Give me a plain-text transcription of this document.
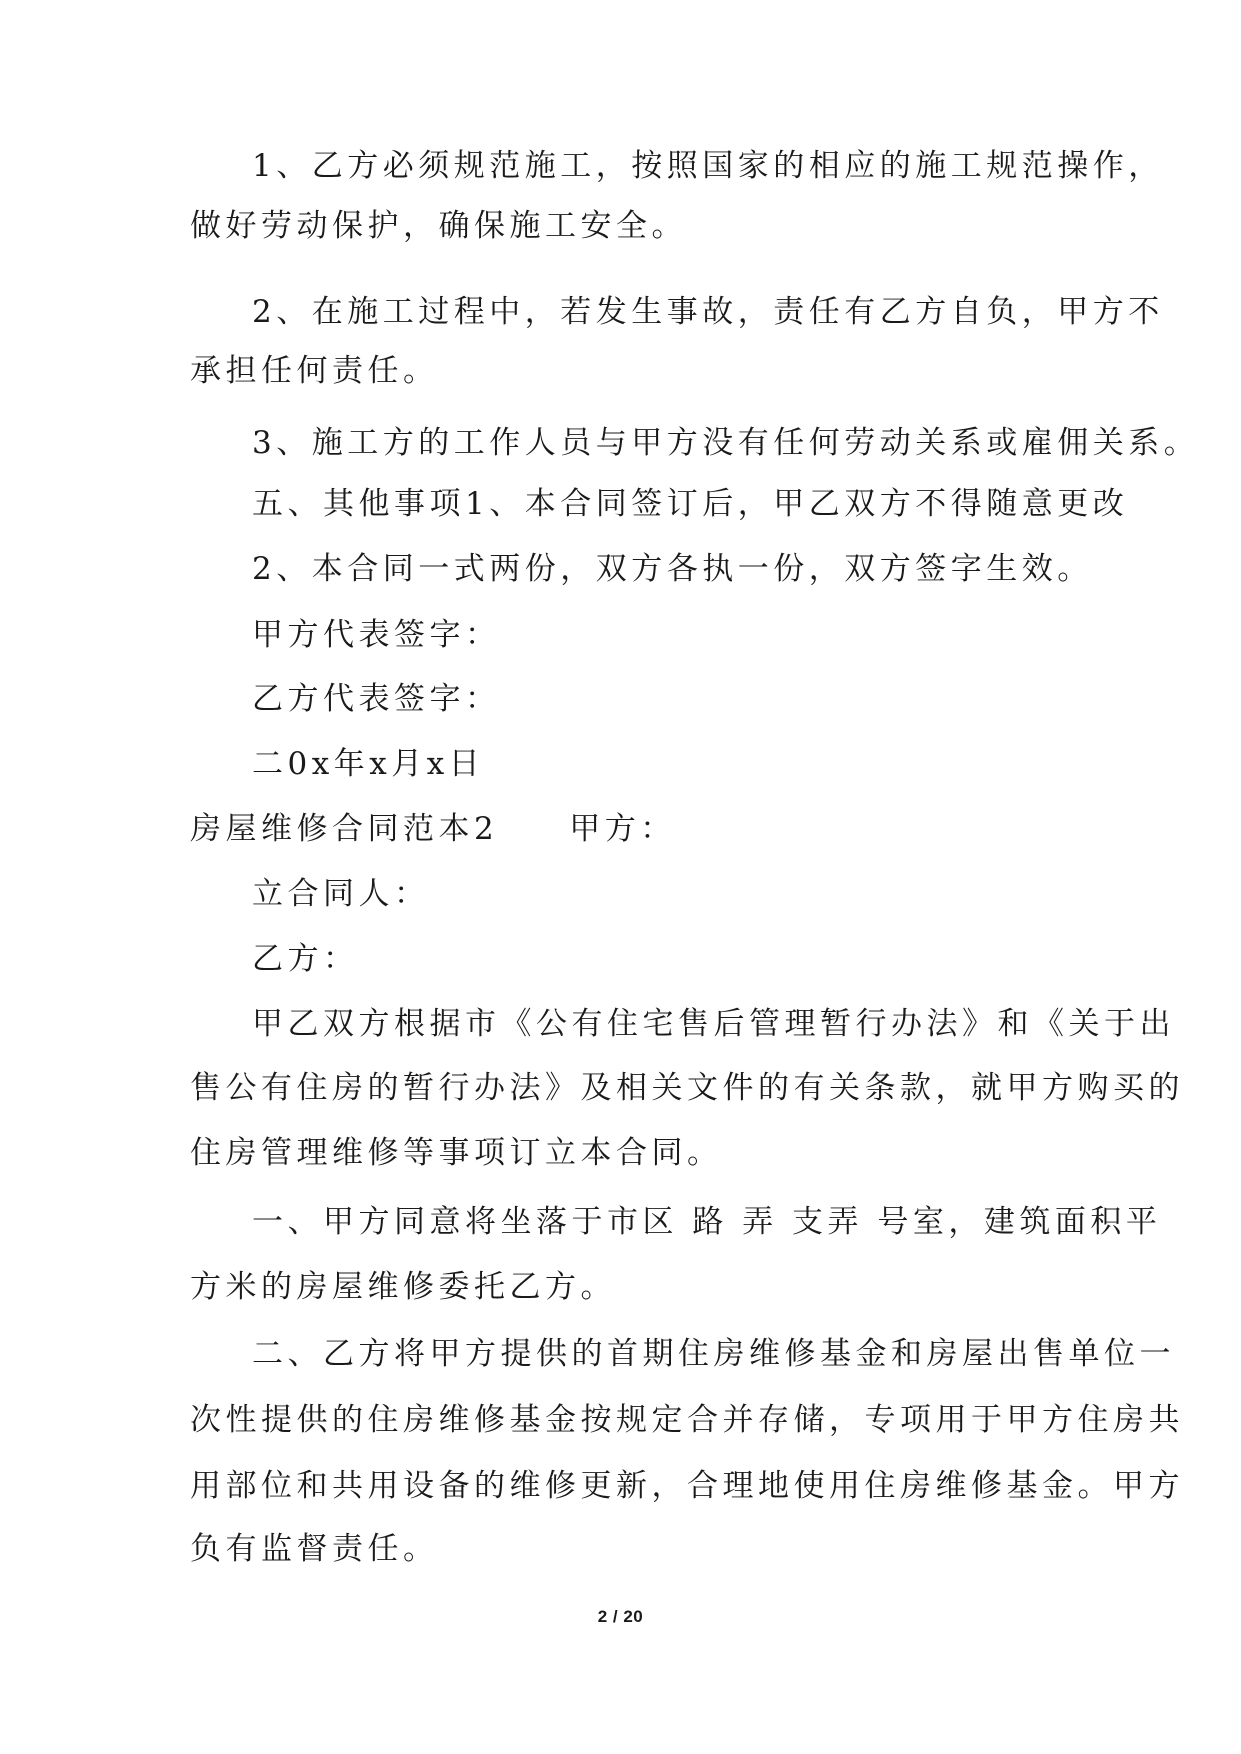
1、乙方必须规范施工，按照国家的相应的施工规范操作，
做好劳动保护，确保施工安全。
2、在施工过程中，若发生事故，责任有乙方自负，甲方不
承担任何责任。
3、施工方的工作人员与甲方没有任何劳动关系或雇佣关系。
五、其他事项1、本合同签订后，甲乙双方不得随意更改
2、本合同一式两份，双方各执一份，双方签字生效。
甲方代表签字：
乙方代表签字：
二0x年x月x日
房屋维修合同范本2　　甲方：
立合同人：
乙方：
甲乙双方根据市《公有住宅售后管理暂行办法》和《关于出
售公有住房的暂行办法》及相关文件的有关条款，就甲方购买的
住房管理维修等事项订立本合同。
一、甲方同意将坐落于市区 路 弄 支弄 号室，建筑面积平
方米的房屋维修委托乙方。
二、乙方将甲方提供的首期住房维修基金和房屋出售单位一
次性提供的住房维修基金按规定合并存储，专项用于甲方住房共
用部位和共用设备的维修更新，合理地使用住房维修基金。甲方
负有监督责任。
2 / 20
